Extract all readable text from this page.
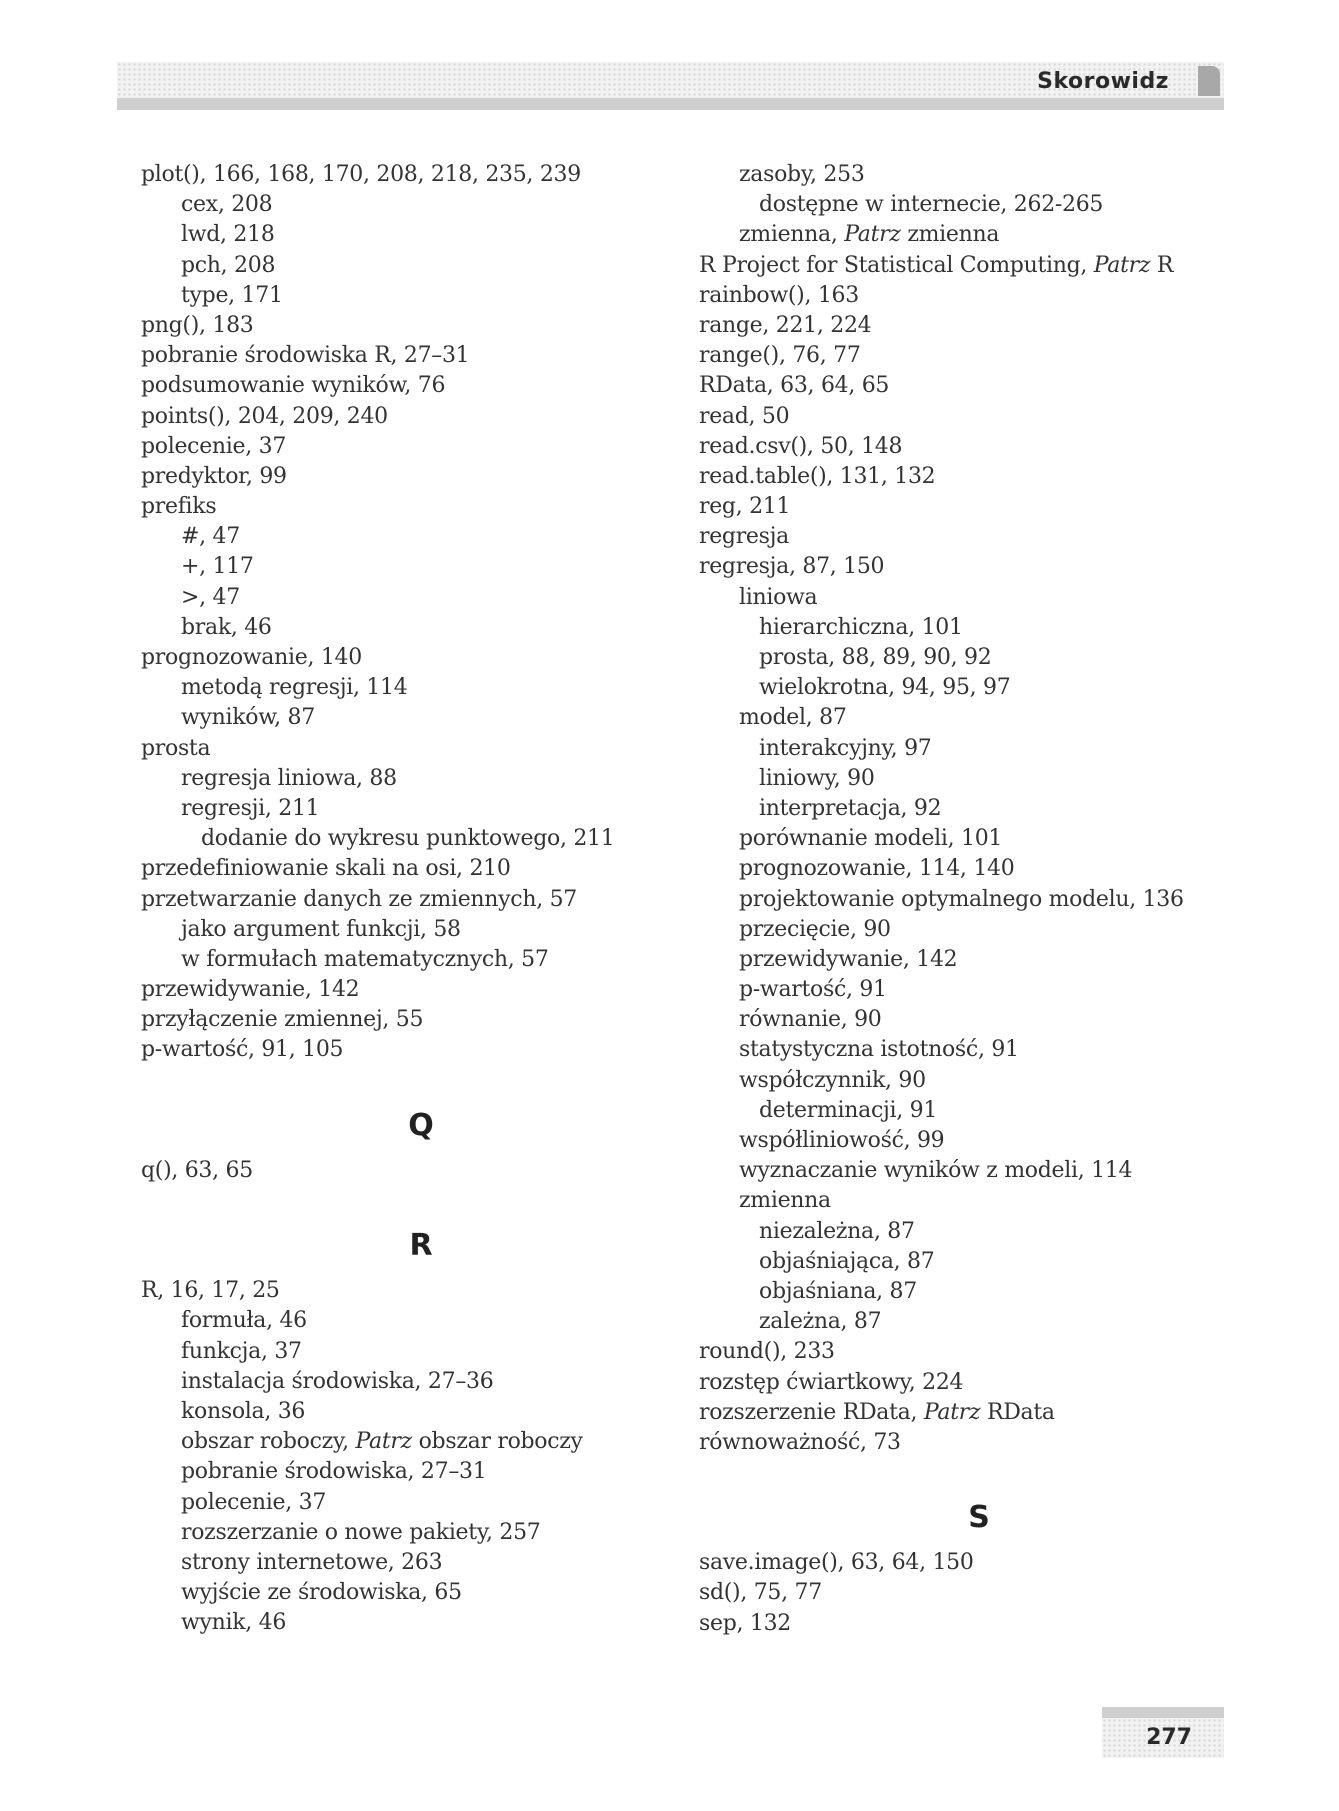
Skorowidz
plot(), 166, 168, 170, 208, 218, 235, 239
cex, 208
lwd, 218
pch, 208
type, 171
png(), 183
pobranie środowiska R, 27–31
podsumowanie wyników, 76
points(), 204, 209, 240
polecenie, 37
predyktor, 99
prefiks
#, 47
+, 117
>, 47
brak, 46
prognozowanie, 140
metodą regresji, 114
wyników, 87
prosta
regresja liniowa, 88
regresji, 211
dodanie do wykresu punktowego, 211
przedefiniowanie skali na osi, 210
przetwarzanie danych ze zmiennych, 57
jako argument funkcji, 58
w formułach matematycznych, 57
przewidywanie, 142
przyłączenie zmiennej, 55
p-wartość, 91, 105
Q
q(), 63, 65
R
R, 16, 17, 25
formuła, 46
funkcja, 37
instalacja środowiska, 27–36
konsola, 36
obszar roboczy, Patrz obszar roboczy
pobranie środowiska, 27–31
polecenie, 37
rozszerzanie o nowe pakiety, 257
strony internetowe, 263
wyjście ze środowiska, 65
wynik, 46
zasoby, 253
dostępne w internecie, 262-265
zmienna, Patrz zmienna
R Project for Statistical Computing, Patrz R
rainbow(), 163
range, 221, 224
range(), 76, 77
RData, 63, 64, 65
read, 50
read.csv(), 50, 148
read.table(), 131, 132
reg, 211
regresja
regresja, 87, 150
liniowa
hierarchiczna, 101
prosta, 88, 89, 90, 92
wielokrotna, 94, 95, 97
model, 87
interakcyjny, 97
liniowy, 90
interpretacja, 92
porównanie modeli, 101
prognozowanie, 114, 140
projektowanie optymalnego modelu, 136
przecięcie, 90
przewidywanie, 142
p-wartość, 91
równanie, 90
statystyczna istotność, 91
współczynnik, 90
determinacji, 91
współliniowość, 99
wyznaczanie wyników z modeli, 114
zmienna
niezależna, 87
objaśniająca, 87
objaśniana, 87
zależna, 87
round(), 233
rozstęp ćwiartkowy, 224
rozszerzenie RData, Patrz RData
równoważność, 73
S
save.image(), 63, 64, 150
sd(), 75, 77
sep, 132
277
